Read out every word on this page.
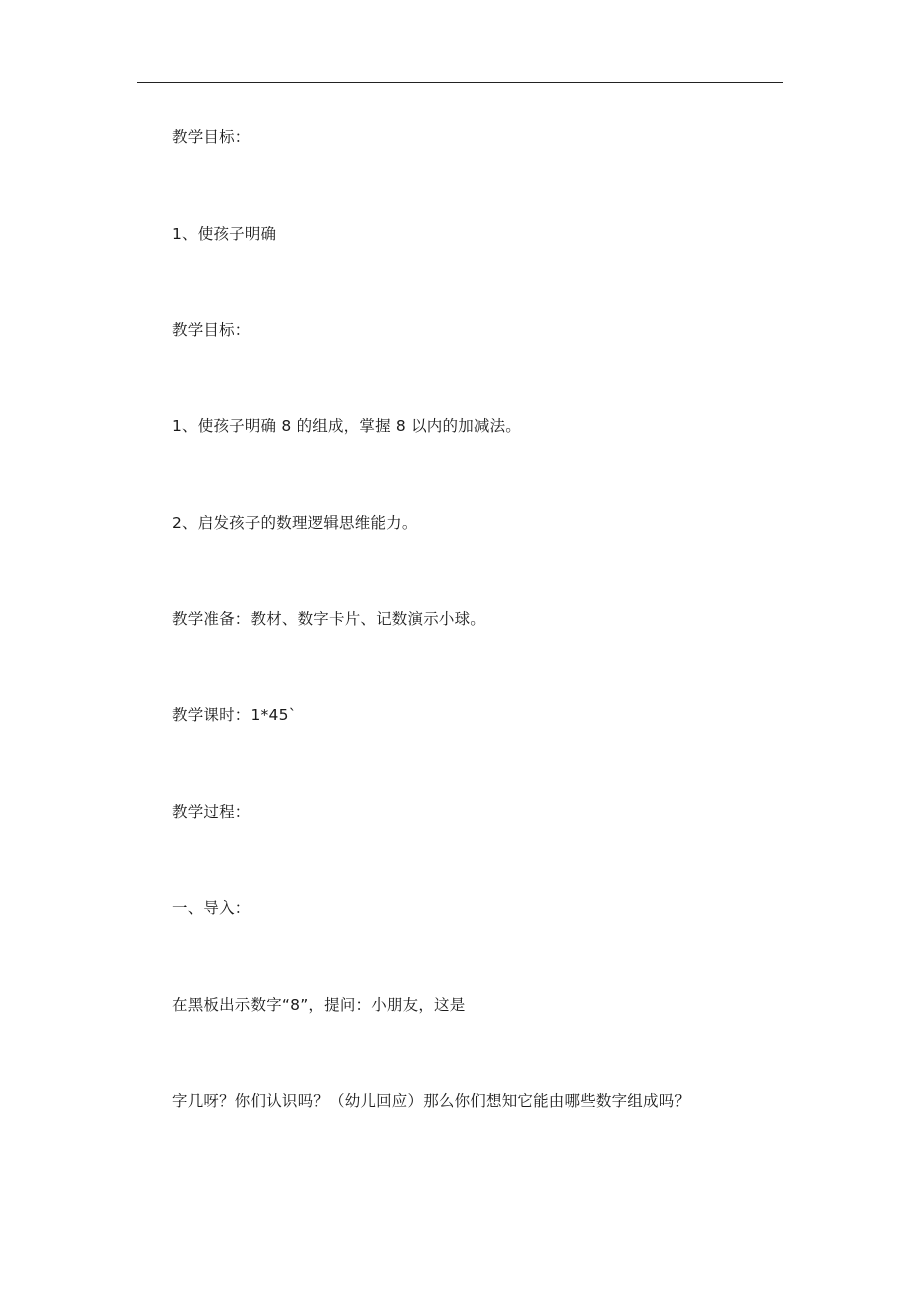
教学目标：
1、使孩子明确
教学目标：
1、使孩子明确 8 的组成，掌握 8 以内的加减法。
2、启发孩子的数理逻辑思维能力。
教学准备：教材、数字卡片、记数演示小球。
教学课时：1*45`
教学过程：
一、导入：
在黑板出示数字“8”，提问：小朋友，这是
字几呀？你们认识吗？（幼儿回应）那么你们想知它能由哪些数字组成吗？
